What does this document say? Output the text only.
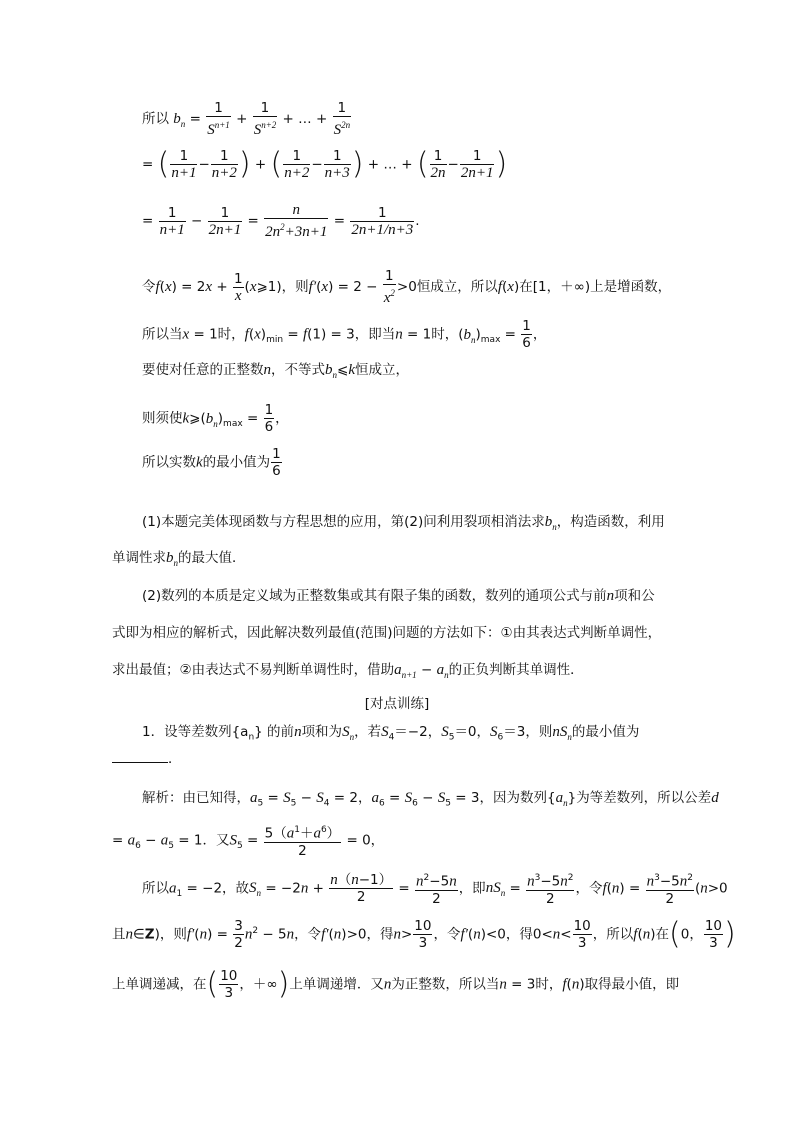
所以 $b_n = \frac{1}{S^{n+1}} + \frac{1}{S^{n+2}}$ + … + $\frac{1}{S^{2n}}$
= ( $\frac{1}{n+1} - \frac{1}{n+2}$ ) + ( $\frac{1}{n+2} - \frac{1}{n+3}$ ) + … + ( $\frac{1}{2n} - \frac{1}{2n+1}$ )
= $\frac{1}{n+1} - \frac{1}{2n+1} = \frac{n}{2n^2+3n+1} = \frac{1}{2n+1/n+3}$ .
令$f(x) = 2x + \frac{1}{x}$ (x⩾1)，则$f'(x) = 2 - \frac{1}{x^2} >0$恒成立，所以f(x)在[1，＋∞)上是增函数，
所以当x = 1时，$f(x)_{min} = f(1) = 3$，即当n = 1时，$(b_n)_{max} = \frac{1}{6}$ ，
要使对任意的正整数n，不等式$b_n⩽k$恒成立，
则须使$k⩾(b_n)_{max} = \frac{1}{6}$ ，
所以实数k的最小值为 $\frac{1}{6}$
(1)本题完美体现函数与方程思想的应用，第(2)问利用裂项相消法求$b_n$，构造函数，利用
单调性求$b_n$的最大值．
(2)数列的本质是定义域为正整数集或其有限子集的函数，数列的通项公式与前n项和公
式即为相应的解析式，因此解决数列最值(范围)问题的方法如下：①由其表达式判断单调性，
求出最值；②由表达式不易判断单调性时，借助$a_{n+1} - a_n$的正负判断其单调性．
[对点训练]
1．设等差数列$\{a_n\}$ 的前n项和为$S_n$，若$S_4=-2$，$S_5=0$，$S_6=3$，则$nS_n$的最小值为
．
解析：由已知得，$a_5 = S_5 - S_4 = 2$，$a_6 = S_6 - S_5 = 3$，因为数列$\{a_n\}$为等差数列，所以公差d
= $a_6 - a_5 = 1$．又$S_5 = \frac{5(a^1+a^6)}{2} = 0$，
所以$a_1 = -2$，故$S_n = -2n + \frac{n(n-1)}{2} = \frac{n^2-5n}{2}$ ，即$nS_n = \frac{n^3-5n^2}{2}$ ，令$f(n) = \frac{n^3-5n^2}{2} (n>0$
且n∈Z)，则$f'(n) = \frac{3}{2} n^2 - 5n$，令f′(n)>0，得$n> \frac{10}{3}$ ，令f′(n)<0，得$0<n< \frac{10}{3}$ ，所以f(n)在(0， $\frac{10}{3}$ )
上单调递减，在( $\frac{10}{3}$ ，＋∞)上单调递增．又n为正整数，所以当n = 3时，f(n)取得最小值，即
